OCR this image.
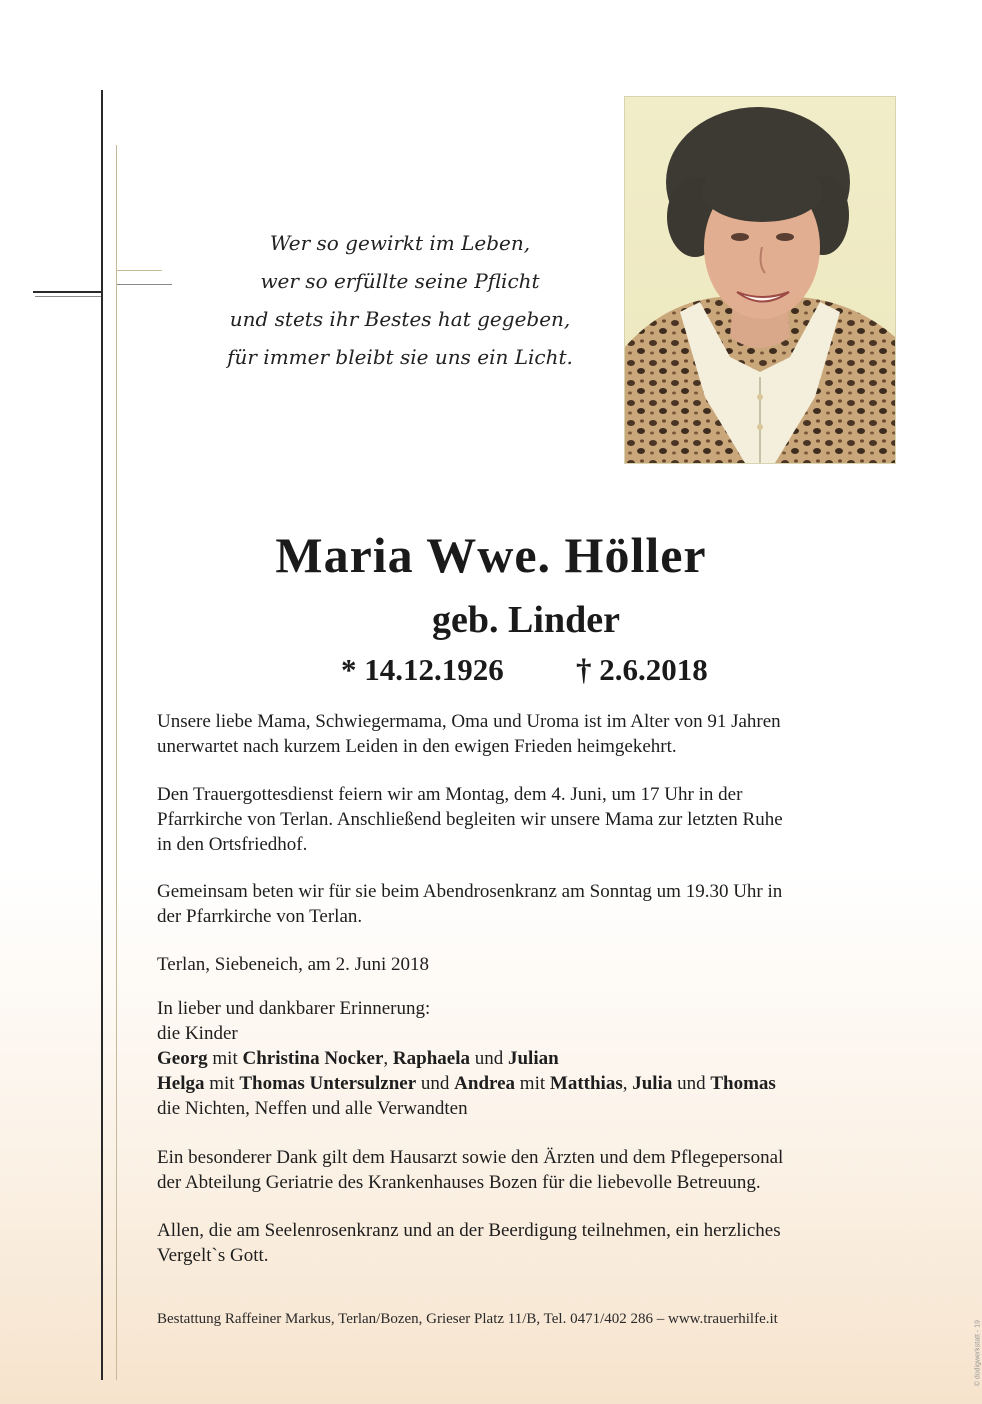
Wer so gewirkt im Leben,
wer so erfüllte seine Pflicht
und stets ihr Bestes hat gegeben,
für immer bleibt sie uns ein Licht.
Maria Wwe. Höller
geb. Linder
* 14.12.1926 † 2.6.2018
Unsere liebe Mama, Schwiegermama, Oma und Uroma ist im Alter von 91 Jahren
unerwartet nach kurzem Leiden in den ewigen Frieden heimgekehrt.
Den Trauergottesdienst feiern wir am Montag, dem 4. Juni, um 17 Uhr in der
Pfarrkirche von Terlan. Anschließend begleiten wir unsere Mama zur letzten Ruhe
in den Ortsfriedhof.
Gemeinsam beten wir für sie beim Abendrosenkranz am Sonntag um 19.30 Uhr in
der Pfarrkirche von Terlan.
Terlan, Siebeneich, am 2. Juni 2018
In lieber und dankbarer Erinnerung:
die Kinder
Georg mit Christina Nocker, Raphaela und Julian
Helga mit Thomas Untersulzner und Andrea mit Matthias, Julia und Thomas
die Nichten, Neffen und alle Verwandten
Ein besonderer Dank gilt dem Hausarzt sowie den Ärzten und dem Pflegepersonal
der Abteilung Geriatrie des Krankenhauses Bozen für die liebevolle Betreuung.
Allen, die am Seelenrosenkranz und an der Beerdigung teilnehmen, ein herzliches
Vergelt`s Gott.
Bestattung Raffeiner Markus, Terlan/Bozen, Grieser Platz 11/B, Tel. 0471/402 286 – www.trauerhilfe.it
© dodigwerkstatt - 19
